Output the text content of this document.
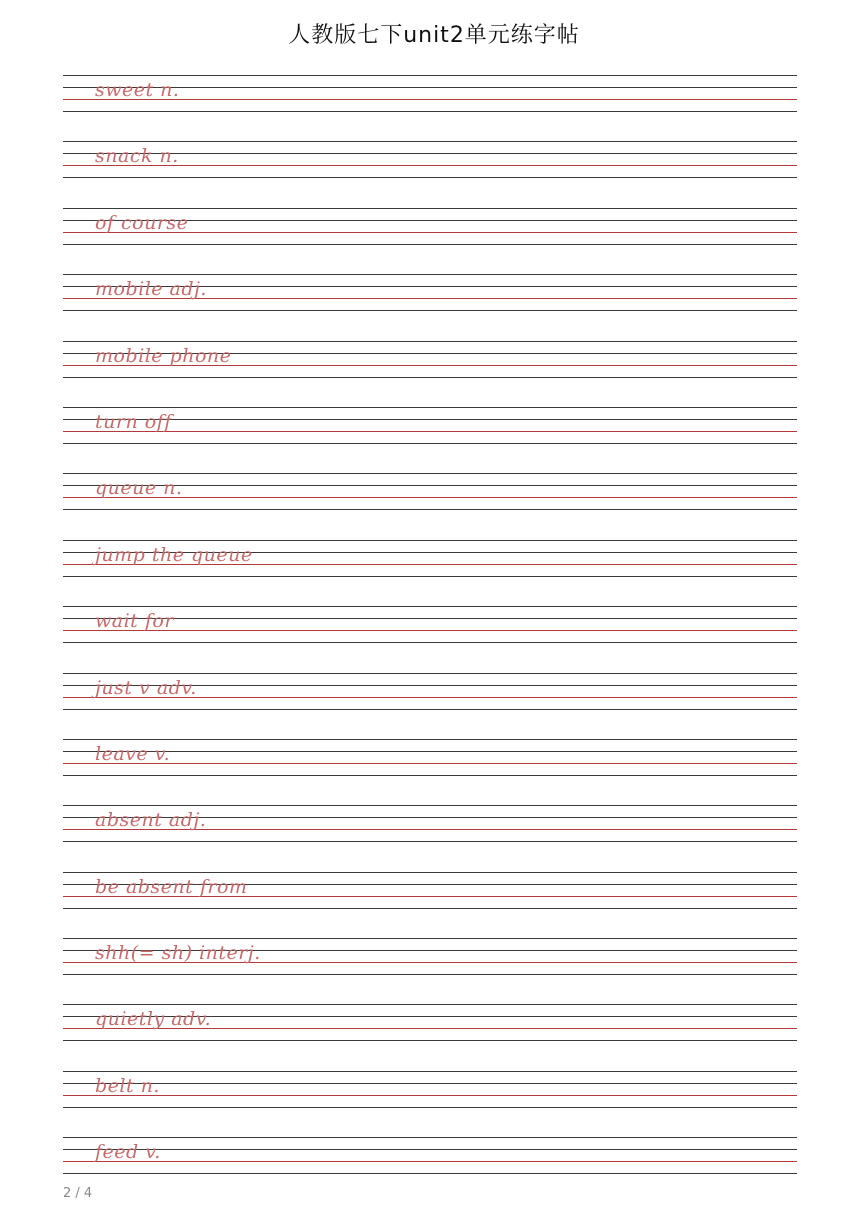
人教版七下unit2单元练字帖
sweet n.
snack n.
of course
mobile adj.
mobile phone
turn off
queue n.
jump the queue
wait for
just v adv.
leave v.
absent adj.
be absent from
shh(= sh) interj.
quietly adv.
belt n.
feed v.
2 / 4
